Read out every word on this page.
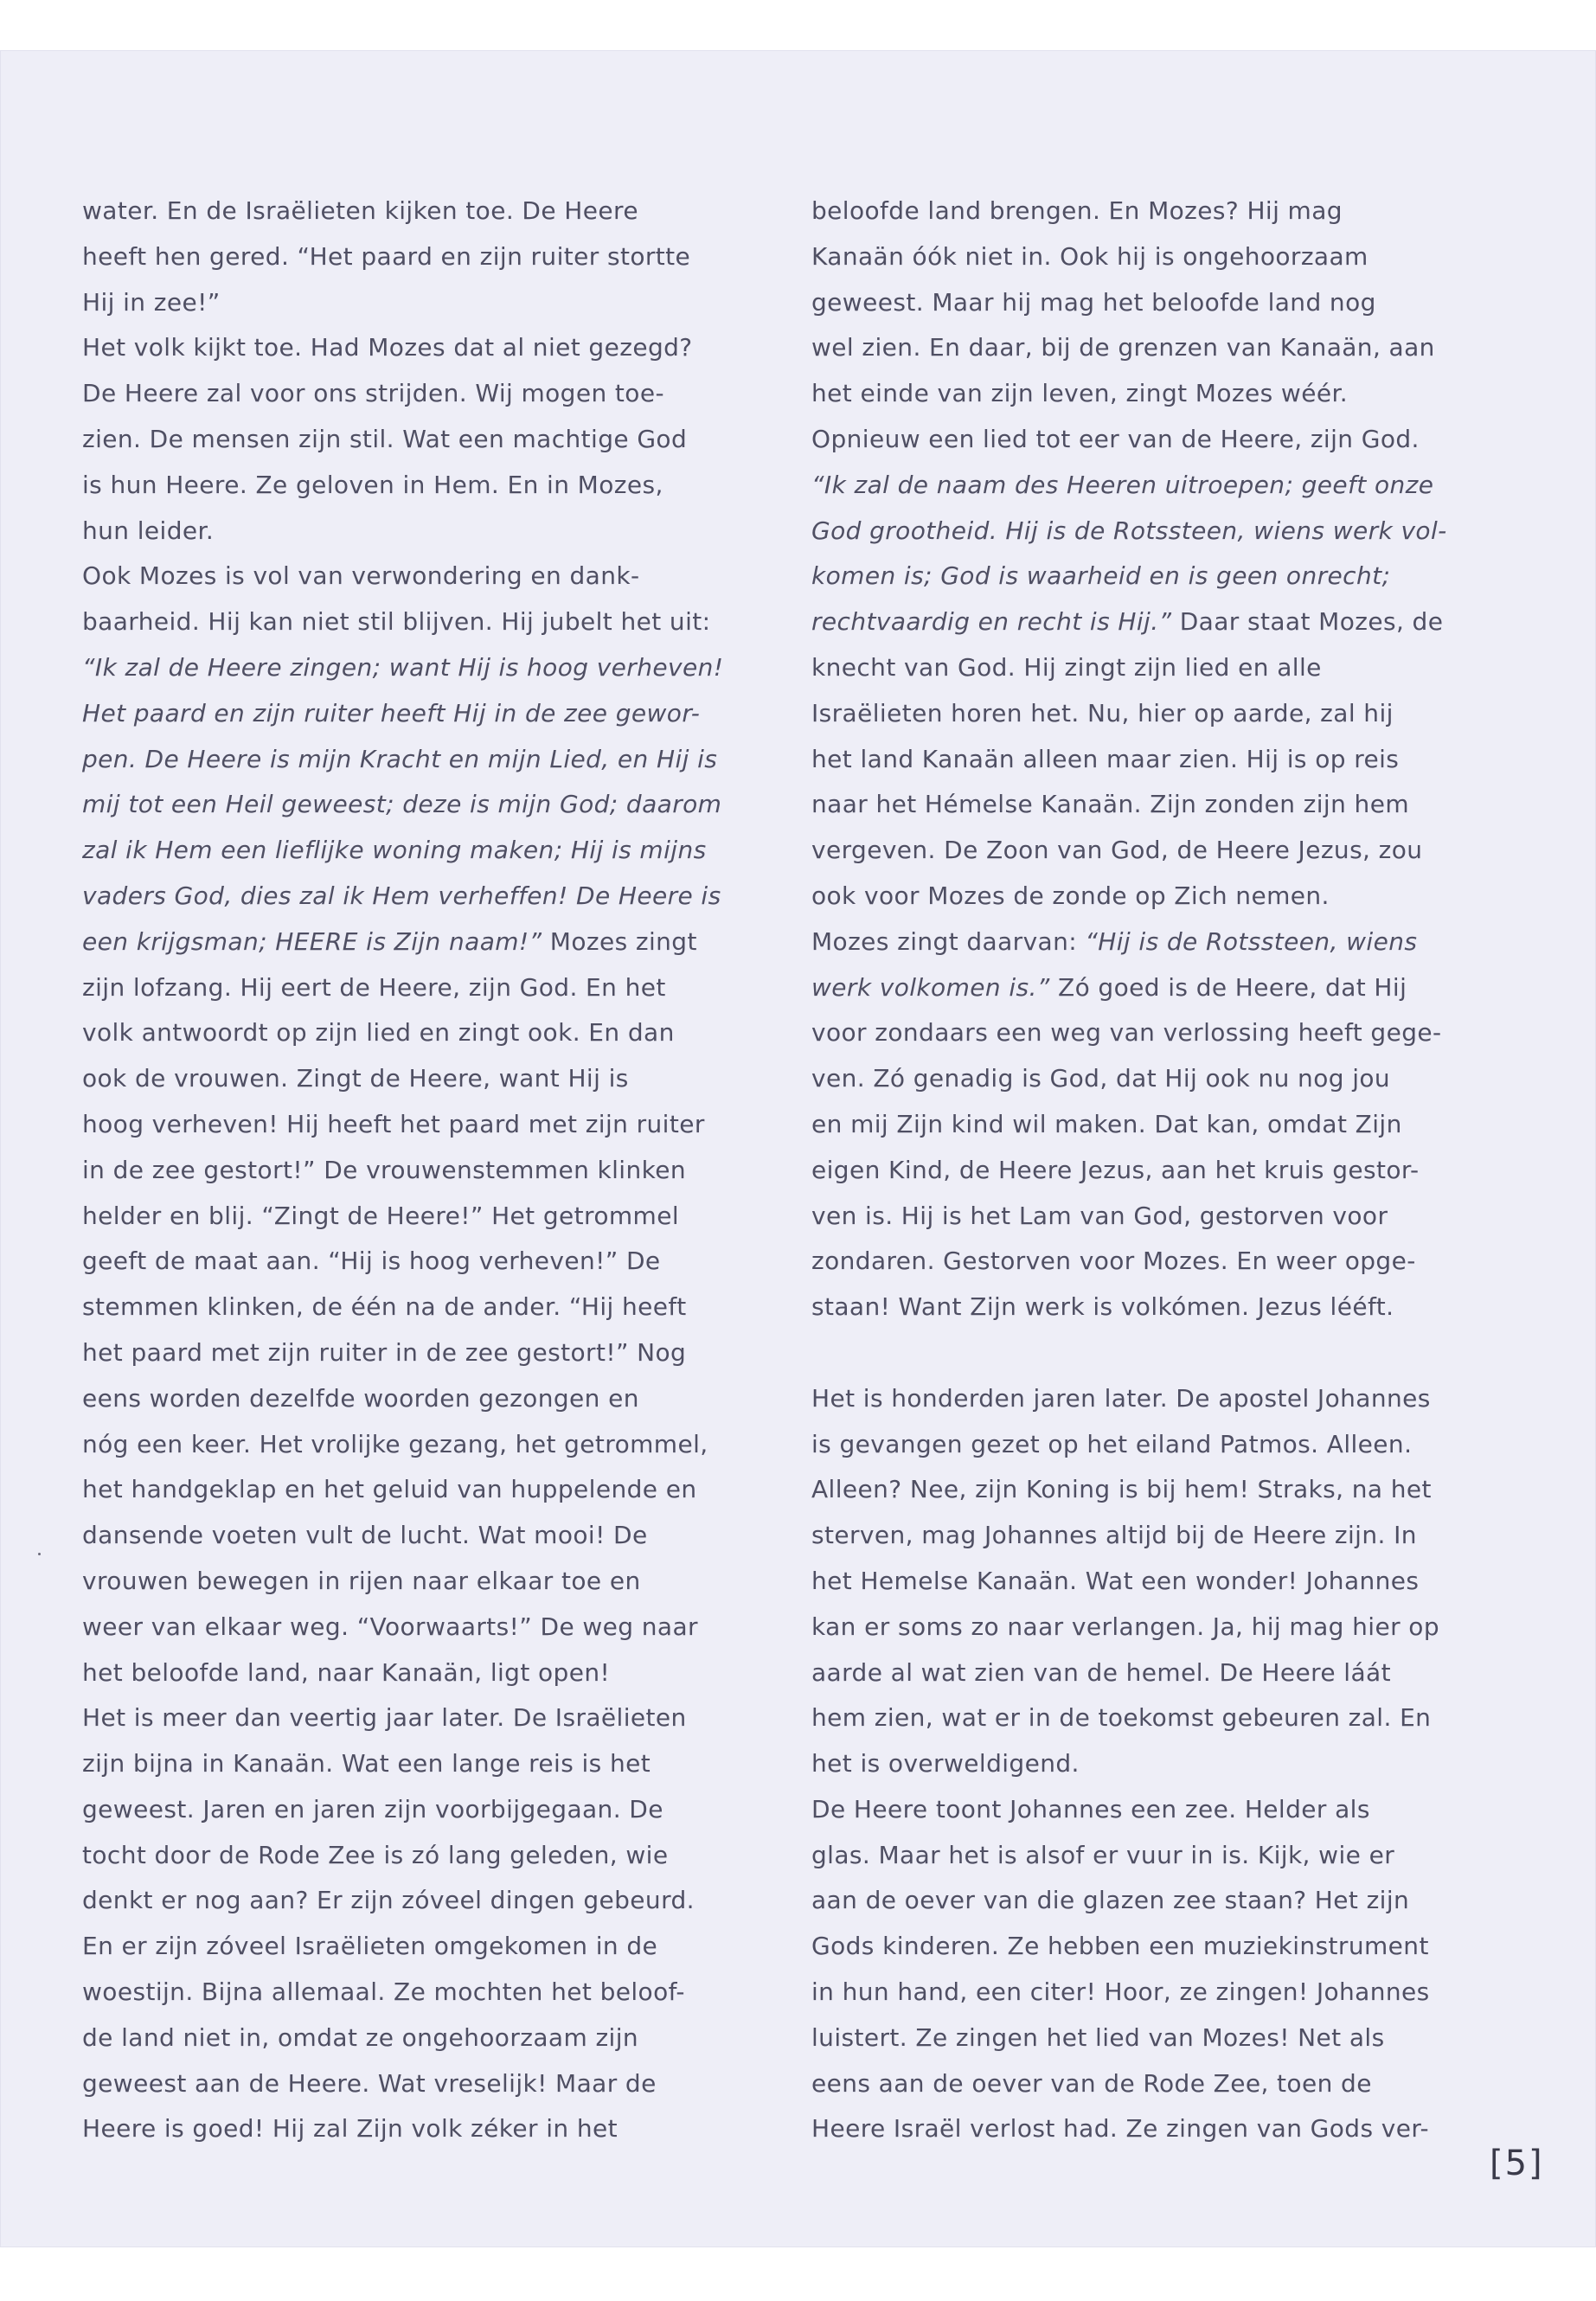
water. En de Israëlieten kijken toe. De Heere
heeft hen gered. “Het paard en zijn ruiter stortte
Hij in zee!”

Het volk kijkt toe. Had Mozes dat al niet gezegd?
De Heere zal voor ons strijden. Wij mogen toe-
zien. De mensen zijn stil. Wat een machtige God
is hun Heere. Ze geloven in Hem. En in Mozes,
hun leider.

Ook Mozes is vol van verwondering en dank-
baarheid. Hij kan niet stil blijven. Hij jubelt het uit:
“Ik zal de Heere zingen; want Hij is hoog verheven!
Het paard en zijn ruiter heeft Hij in de zee gewor-
pen. De Heere is mijn Kracht en mijn Lied, en Hij is
mij tot een Heil geweest; deze is mijn God; daarom
zal ik Hem een lieflijke woning maken; Hij is mijns
vaders God, dies zal ik Hem verheffen! De Heere is
een krijgsman; HEERE is Zijn naam!” Mozes zingt
zijn lofzang. Hij eert de Heere, zijn God. En het
volk antwoordt op zijn lied en zingt ook. En dan
ook de vrouwen. Zingt de Heere, want Hij is
hoog verheven! Hij heeft het paard met zijn ruiter
in de zee gestort!” De vrouwenstemmen klinken
helder en blij. “Zingt de Heere!” Het getrommel
geeft de maat aan. “Hij is hoog verheven!” De
stemmen klinken, de één na de ander. “Hij heeft
het paard met zijn ruiter in de zee gestort!” Nog
eens worden dezelfde woorden gezongen en
nóg een keer. Het vrolijke gezang, het getrommel,
het handgeklap en het geluid van huppelende en
dansende voeten vult de lucht. Wat mooi! De
vrouwen bewegen in rijen naar elkaar toe en
weer van elkaar weg. “Voorwaarts!” De weg naar
het beloofde land, naar Kanaän, ligt open!

Het is meer dan veertig jaar later. De Israëlieten
zijn bijna in Kanaän. Wat een lange reis is het
geweest. Jaren en jaren zijn voorbijgegaan. De
tocht door de Rode Zee is zó lang geleden, wie
denkt er nog aan? Er zijn zóveel dingen gebeurd.
En er zijn zóveel Israëlieten omgekomen in de
woestijn. Bijna allemaal. Ze mochten het beloof-
de land niet in, omdat ze ongehoorzaam zijn
geweest aan de Heere. Wat vreselijk! Maar de
Heere is goed! Hij zal Zijn volk zéker in het

beloofde land brengen. En Mozes? Hij mag
Kanaän óók niet in. Ook hij is ongehoorzaam
geweest. Maar hij mag het beloofde land nog
wel zien. En daar, bij de grenzen van Kanaän, aan
het einde van zijn leven, zingt Mozes wéér.
Opnieuw een lied tot eer van de Heere, zijn God.
“Ik zal de naam des Heeren uitroepen; geeft onze
God grootheid. Hij is de Rotssteen, wiens werk vol-
komen is; God is waarheid en is geen onrecht;
rechtvaardig en recht is Hij.” Daar staat Mozes, de
knecht van God. Hij zingt zijn lied en alle
Israëlieten horen het. Nu, hier op aarde, zal hij
het land Kanaän alleen maar zien. Hij is op reis
naar het Hémelse Kanaän. Zijn zonden zijn hem
vergeven. De Zoon van God, de Heere Jezus, zou
ook voor Mozes de zonde op Zich nemen.
Mozes zingt daarvan: “Hij is de Rotssteen, wiens
werk volkomen is.” Zó goed is de Heere, dat Hij
voor zondaars een weg van verlossing heeft gege-
ven. Zó genadig is God, dat Hij ook nu nog jou
en mij Zijn kind wil maken. Dat kan, omdat Zijn
eigen Kind, de Heere Jezus, aan het kruis gestor-
ven is. Hij is het Lam van God, gestorven voor
zondaren. Gestorven voor Mozes. En weer opge-
staan! Want Zijn werk is volkómen. Jezus lééft.

Het is honderden jaren later. De apostel Johannes
is gevangen gezet op het eiland Patmos. Alleen.
Alleen? Nee, zijn Koning is bij hem! Straks, na het
sterven, mag Johannes altijd bij de Heere zijn. In
het Hemelse Kanaän. Wat een wonder! Johannes
kan er soms zo naar verlangen. Ja, hij mag hier op
aarde al wat zien van de hemel. De Heere láát
hem zien, wat er in de toekomst gebeuren zal. En
het is overweldigend.

De Heere toont Johannes een zee. Helder als
glas. Maar het is alsof er vuur in is. Kijk, wie er
aan de oever van die glazen zee staan? Het zijn
Gods kinderen. Ze hebben een muziekinstrument
in hun hand, een citer! Hoor, ze zingen! Johannes
luistert. Ze zingen het lied van Mozes! Net als
eens aan de oever van de Rode Zee, toen de
Heere Israël verlost had. Ze zingen van Gods ver-

[5]
